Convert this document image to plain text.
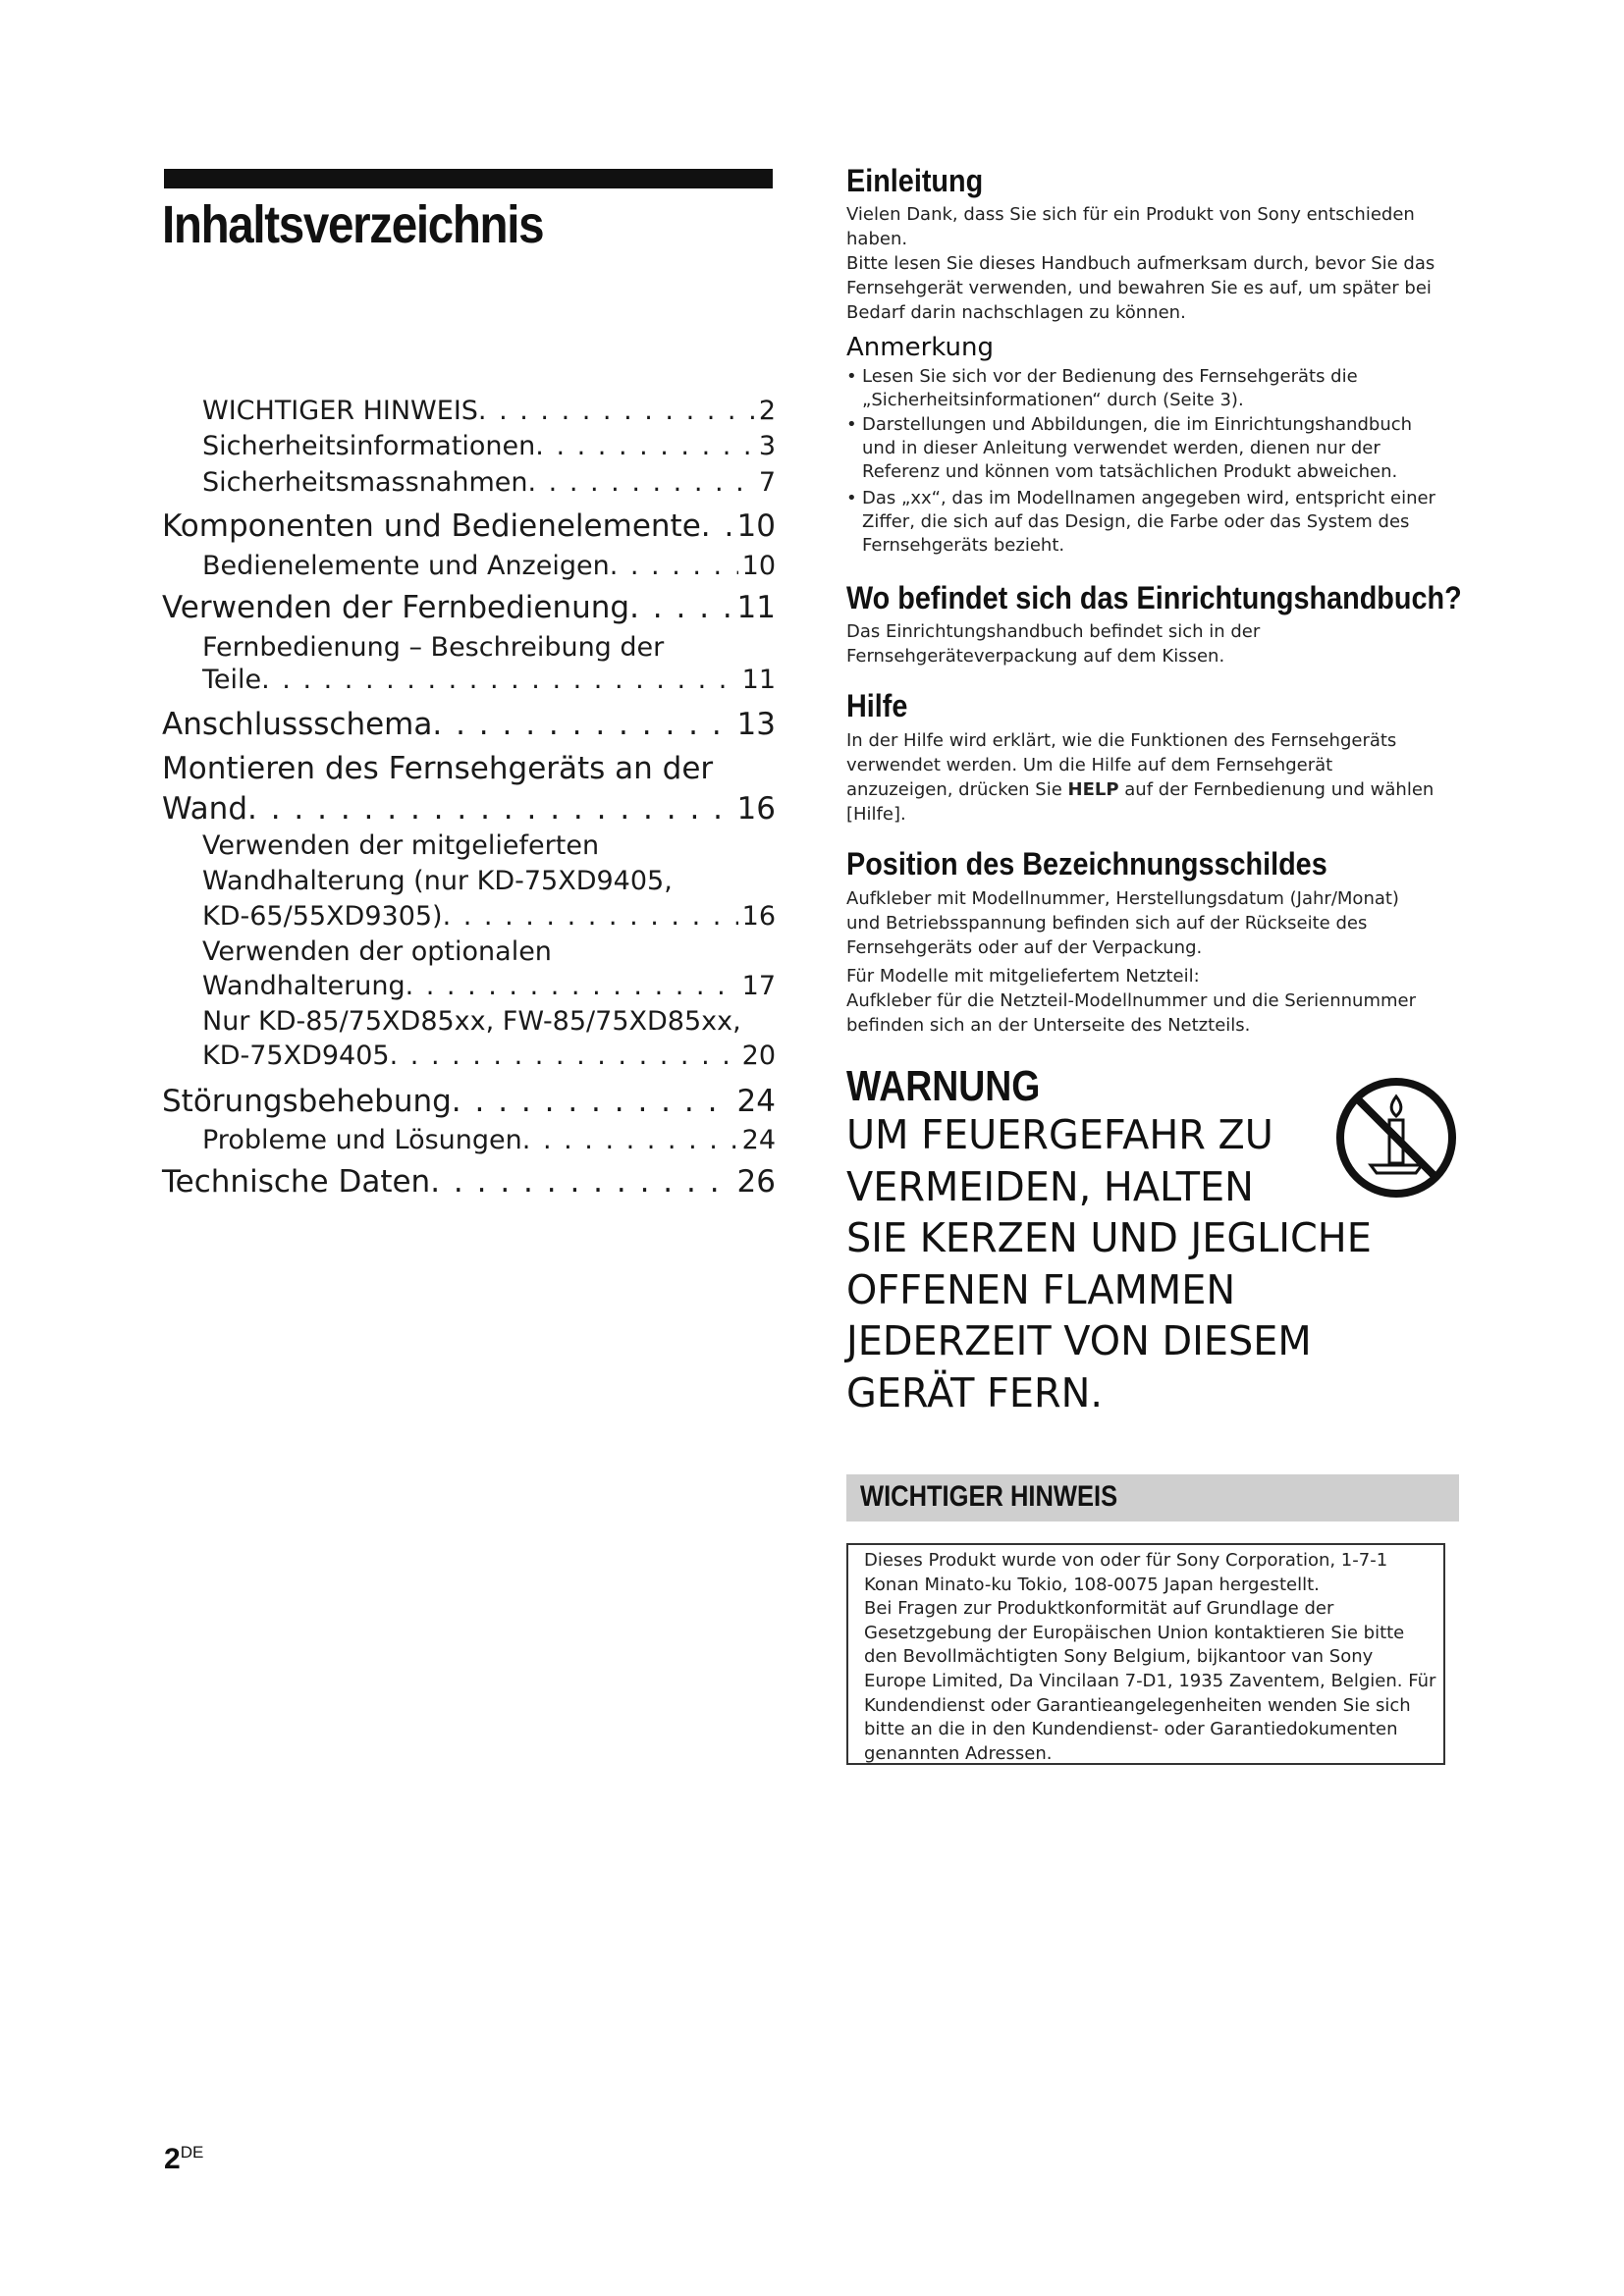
Inhaltsverzeichnis
WICHTIGER HINWEIS . . .	2
Sicherheitsinformationen . . .	3
Sicherheitsmassnahmen . . .	7
Komponenten und Bedienelemente . . . 10
Bedienelemente und Anzeigen . . .	10
Verwenden der Fernbedienung . . .	11
Fernbedienung – Beschreibung der
Teile . . .	11
Anschlussschema . . .	13
Montieren des Fernsehgeräts an der
Wand . . .	16
Verwenden der mitgelieferten
Wandhalterung (nur KD-75XD9405,
KD-65/55XD9305) . . .	16
Verwenden der optionalen
Wandhalterung . . .	17
Nur KD-85/75XD85xx, FW-85/75XD85xx,
KD-75XD9405 . . .	20
Störungsbehebung . . .	24
Probleme und Lösungen . . .	24
Technische Daten . . .	26
Einleitung
Vielen Dank, dass Sie sich für ein Produkt von Sony entschieden
haben.
Bitte lesen Sie dieses Handbuch aufmerksam durch, bevor Sie das
Fernsehgerät verwenden, und bewahren Sie es auf, um später bei
Bedarf darin nachschlagen zu können.
Anmerkung
• Lesen Sie sich vor der Bedienung des Fernsehgeräts die
„Sicherheitsinformationen“ durch (Seite 3).
• Darstellungen und Abbildungen, die im Einrichtungshandbuch
und in dieser Anleitung verwendet werden, dienen nur der
Referenz und können vom tatsächlichen Produkt abweichen.
• Das „xx“, das im Modellnamen angegeben wird, entspricht einer
Ziffer, die sich auf das Design, die Farbe oder das System des
Fernsehgeräts bezieht.
Wo befindet sich das Einrichtungshandbuch?
Das Einrichtungshandbuch befindet sich in der
Fernsehgeräteverpackung auf dem Kissen.
Hilfe
In der Hilfe wird erklärt, wie die Funktionen des Fernsehgeräts
verwendet werden. Um die Hilfe auf dem Fernsehgerät
anzuzeigen, drücken Sie HELP auf der Fernbedienung und wählen
[Hilfe].
Position des Bezeichnungsschildes
Aufkleber mit Modellnummer, Herstellungsdatum (Jahr/Monat)
und Betriebsspannung befinden sich auf der Rückseite des
Fernsehgeräts oder auf der Verpackung.
Für Modelle mit mitgeliefertem Netzteil:
Aufkleber für die Netzteil-Modellnummer und die Seriennummer
befinden sich an der Unterseite des Netzteils.
WARNUNG
UM FEUERGEFAHR ZU
VERMEIDEN, HALTEN
SIE KERZEN UND JEGLICHE
OFFENEN FLAMMEN
JEDERZEIT VON DIESEM
GERÄT FERN.
WICHTIGER HINWEIS
Dieses Produkt wurde von oder für Sony Corporation, 1-7-1
Konan Minato-ku Tokio, 108-0075 Japan hergestellt.
Bei Fragen zur Produktkonformität auf Grundlage der
Gesetzgebung der Europäischen Union kontaktieren Sie bitte
den Bevollmächtigten Sony Belgium, bijkantoor van Sony
Europe Limited, Da Vincilaan 7-D1, 1935 Zaventem, Belgien. Für
Kundendienst oder Garantieangelegenheiten wenden Sie sich
bitte an die in den Kundendienst- oder Garantiedokumenten
genannten Adressen.
2DE
